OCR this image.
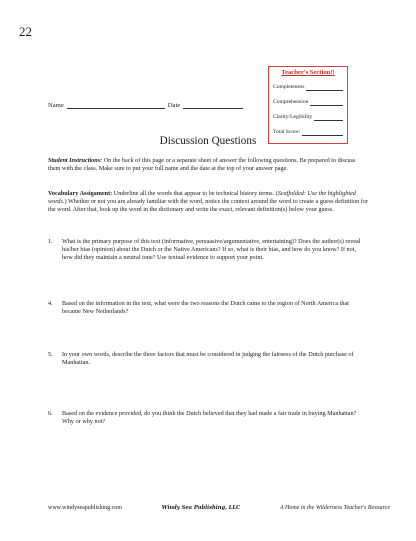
22
Teacher's Section!!
Completeness
Comprehension
Clarity/Legibility
Total Score:
Name	Date
Discussion Questions
Student Instructions: On the back of this page or a separate sheet of answer the following questions. Be prepared to discuss them with the class. Make sure to put your full name and the date at the top of your answer page.
Vocabulary Assigament: Underline all the words that appear to be technical history terms. (Scaffolded: Use the highlighted words.) Whether or not you are already familiar with the word, notice the context around the word to create a guess definition for the word. After that, look up the word in the dictionary and write the exact, relevant definition(s) below your guess.
1.	What is the primary purpose of this text (informative, persuasive/argumentative, entertaining)? Does the author(s) reveal his/her bias (opinion) about the Dutch or the Native Americans? If so, what is their bias, and how do you know? If not, how did they maintain a neutral tone? Use textual evidence to support your point.
4.	Based on the information in the text, what were the two reasons the Dutch came to the region of North America that became New Netherlands?
5.	In your own words, describe the three factors that must be considered in judging the fairness of the Dutch purchase of Manhattan.
6.	Based on the evidence provided, do you think the Dutch believed that they had made a fair trade in buying Manhattan? Why or why not?
www.windyseapublishing.com	Windy Sea Publishing, LLC	A Home in the Wilderness Teacher's Resource
